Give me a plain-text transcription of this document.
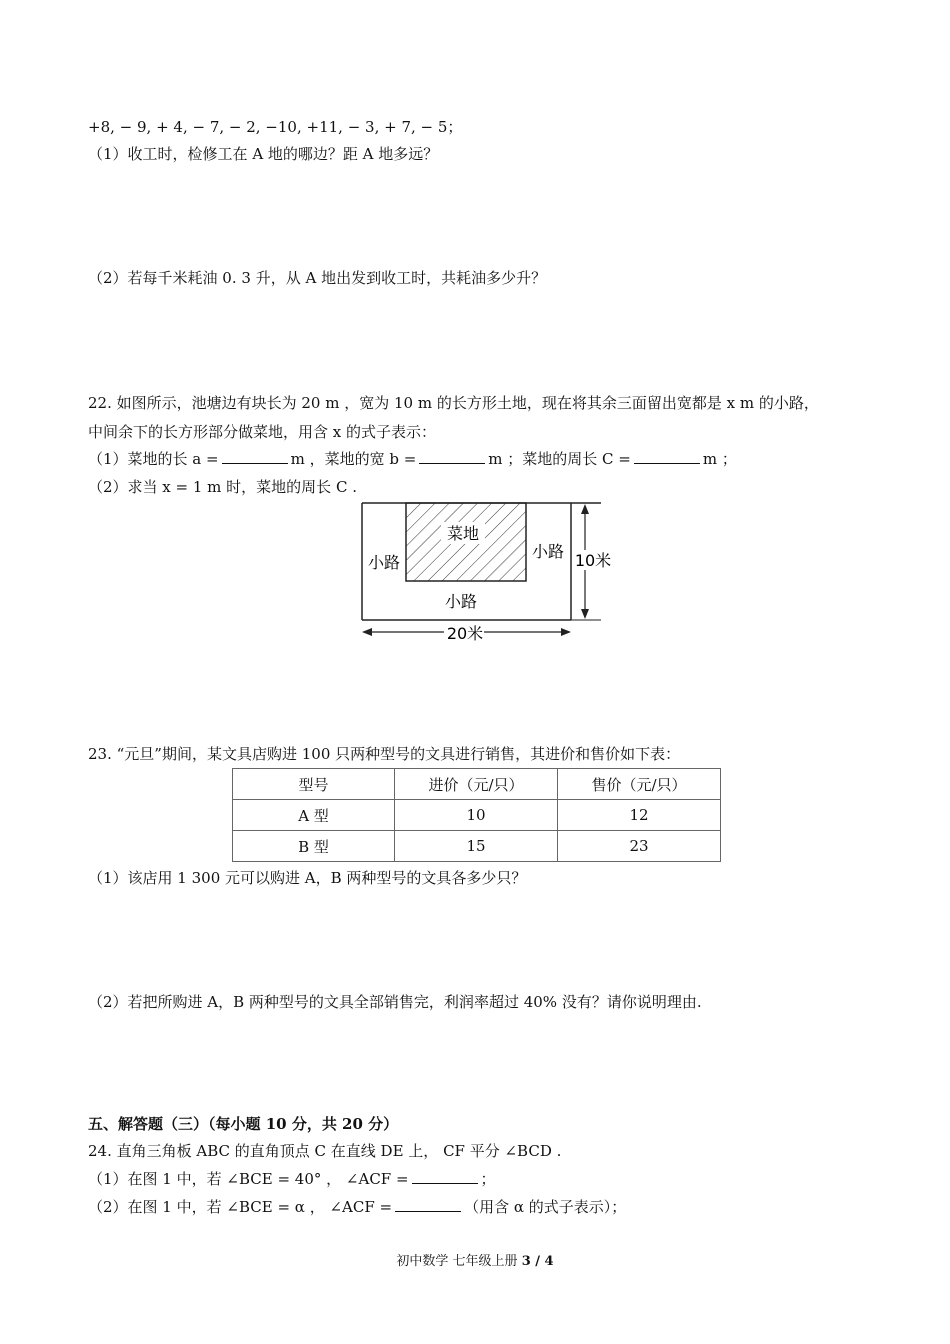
+8, − 9, + 4, − 7, − 2, −10, +11, − 3, + 7, − 5；
（1）收工时，检修工在 A 地的哪边？距 A 地多远？
（2）若每千米耗油 0. 3 升，从 A 地出发到收工时，共耗油多少升？
22. 如图所示，池塘边有块长为 20 m ，宽为 10 m 的长方形土地，现在将其余三面留出宽都是 x m 的小路，
中间余下的长方形部分做菜地，用含 x 的式子表示：
（1）菜地的长 a =	m ，菜地的宽 b =	m ；菜地的周长 C =	m ；
（2）求当 x = 1 m 时，菜地的周长 C .
菜地
小路
小路
小路
10米
20米
23. “元旦”期间，某文具店购进 100 只两种型号的文具进行销售，其进价和售价如下表：
型号	进价（元/只）	售价（元/只）
A 型	10	12
B 型	15	23
（1）该店用 1 300 元可以购进 A，B 两种型号的文具各多少只？
（2）若把所购进 A，B 两种型号的文具全部销售完，利润率超过 40% 没有？请你说明理由.
五、解答题（三）（每小题 10 分，共 20 分）
24. 直角三角板 ABC 的直角顶点 C 在直线 DE 上， CF 平分 ∠BCD .
（1）在图 1 中，若 ∠BCE = 40° ， ∠ACF =	；
（2）在图 1 中，若 ∠BCE = α ， ∠ACF =	（用含 α 的式子表示）；
初中数学 七年级上册 3 / 4
